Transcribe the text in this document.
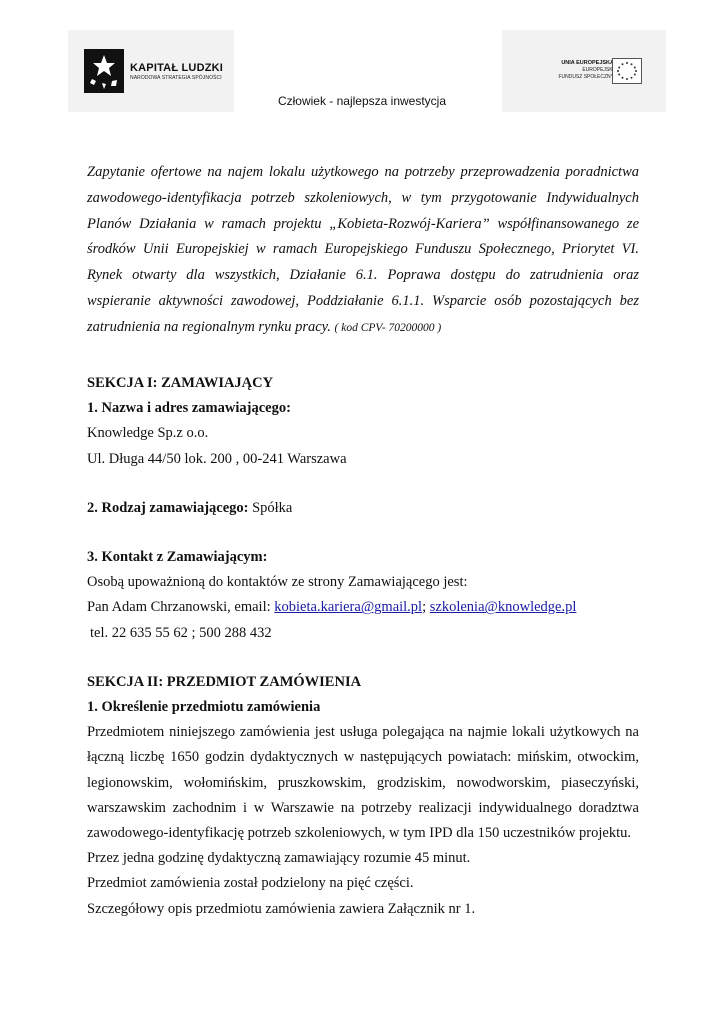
KAPITAŁ LUDZKI
NARODOWA STRATEGIA SPÓJNOŚCI
UNIA EUROPEJSKA
EUROPEJSKI
FUNDUSZ SPOŁECZNY
Człowiek - najlepsza inwestycja
Zapytanie ofertowe na najem lokalu użytkowego na potrzeby przeprowadzenia poradnictwa zawodowego-identyfikacja potrzeb szkoleniowych, w tym przygotowanie Indywidualnych Planów Działania w ramach projektu „Kobieta-Rozwój-Kariera” współfinansowanego ze środków Unii Europejskiej w ramach Europejskiego Funduszu Społecznego, Priorytet VI. Rynek otwarty dla wszystkich, Działanie 6.1. Poprawa dostępu do zatrudnienia oraz wspieranie aktywności zawodowej, Poddziałanie 6.1.1. Wsparcie osób pozostających bez zatrudnienia na regionalnym rynku pracy. ( kod CPV- 70200000 )

SEKCJA I: ZAMAWIAJĄCY

1. Nazwa i adres zamawiającego:

Knowledge Sp.z o.o.

Ul. Długa 44/50 lok. 200 , 00-241 Warszawa

2. Rodzaj zamawiającego: Spółka

3. Kontakt z Zamawiającym:

Osobą upoważnioną do kontaktów ze strony Zamawiającego jest:

Pan Adam Chrzanowski, email: kobieta.kariera@gmail.pl; szkolenia@knowledge.pl

tel. 22 635 55 62 ; 500 288 432

SEKCJA II: PRZEDMIOT ZAMÓWIENIA

1. Określenie przedmiotu zamówienia

Przedmiotem niniejszego zamówienia jest usługa polegająca na najmie lokali użytkowych na łączną liczbę 1650 godzin dydaktycznych w następujących powiatach: mińskim, otwockim, legionowskim, wołomińskim, pruszkowskim, grodziskim, nowodworskim, piaseczyński, warszawskim zachodnim i w Warszawie na potrzeby realizacji indywidualnego doradztwa zawodowego-identyfikację potrzeb szkoleniowych, w tym IPD dla 150 uczestników projektu.

Przez jedna godzinę dydaktyczną zamawiający rozumie 45 minut.

Przedmiot zamówienia został podzielony na pięć części.

Szczegółowy opis przedmiotu zamówienia zawiera Załącznik nr 1.
